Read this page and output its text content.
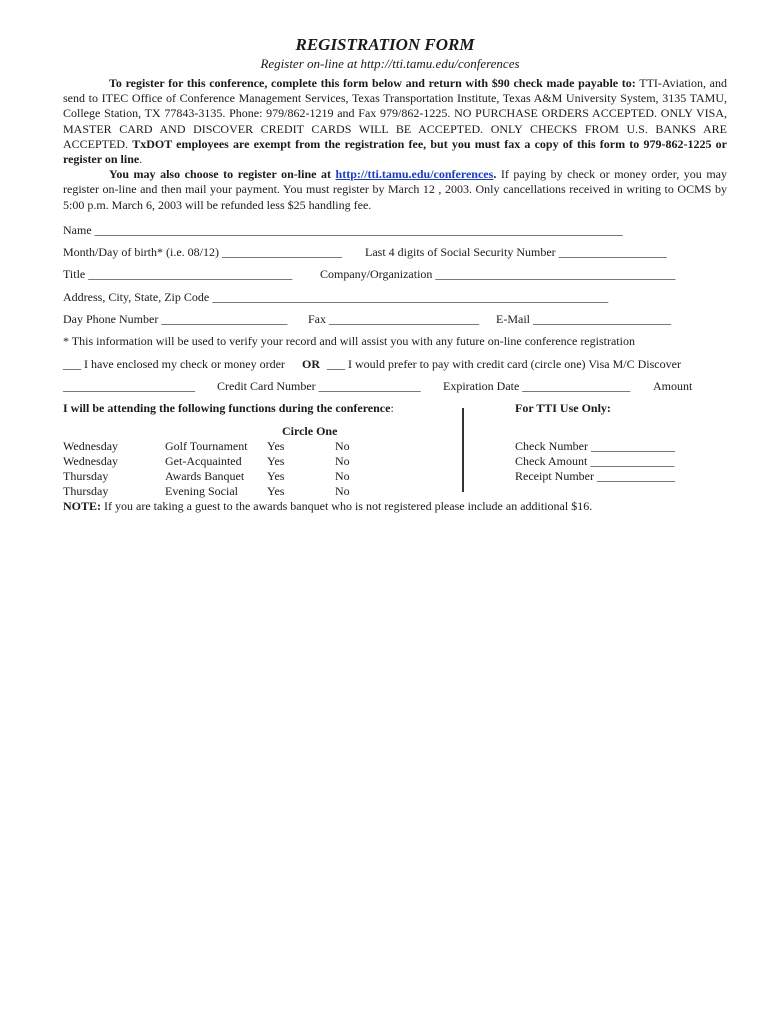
REGISTRATION FORM
Register on-line at http://tti.tamu.edu/conferences

To register for this conference, complete this form below and return with $90 check made payable to: TTI-Aviation, and send to ITEC Office of Conference Management Services, Texas Transportation Institute, Texas A&M University System, 3135 TAMU, College Station, TX 77843-3135. Phone: 979/862-1219 and Fax 979/862-1225. NO PURCHASE ORDERS ACCEPTED. ONLY VISA, MASTER CARD AND DISCOVER CREDIT CARDS WILL BE ACCEPTED. ONLY CHECKS FROM U.S. BANKS ARE ACCEPTED. TxDOT employees are exempt from the registration fee, but you must fax a copy of this form to 979-862-1225 or register on line.

You may also choose to register on-line at http://tti.tamu.edu/conferences. If paying by check or money order, you may register on-line and then mail your payment. You must register by March 12 , 2003. Only cancellations received in writing to OCMS by 5:00 p.m. March 6, 2003 will be refunded less $25 handling fee.

Name ________________________________________________________________________________________
Month/Day of birth* (i.e. 08/12) ____________________ Last 4 digits of Social Security Number __________________
Title __________________________________ Company/Organization ________________________________________
Address, City, State, Zip Code __________________________________________________________________
Day Phone Number _____________________ Fax _________________________ E-Mail _______________________
* This information will be used to verify your record and will assist you with any future on-line conference registration
___ I have enclosed my check or money order OR ___ I would prefer to pay with credit card (circle one) Visa M/C Discover
______________________ Credit Card Number _________________ Expiration Date __________________ Amount
I will be attending the following functions during the conference:	For TTI Use Only:
Circle One
Wednesday	Golf Tournament Yes	No
Wednesday	Get-Acquainted Yes	No
Thursday	Awards Banquet Yes	No
Thursday	Evening Social Yes	No
Check Number ______________
Check Amount ______________
Receipt Number _____________
NOTE: If you are taking a guest to the awards banquet who is not registered please include an additional $16.
